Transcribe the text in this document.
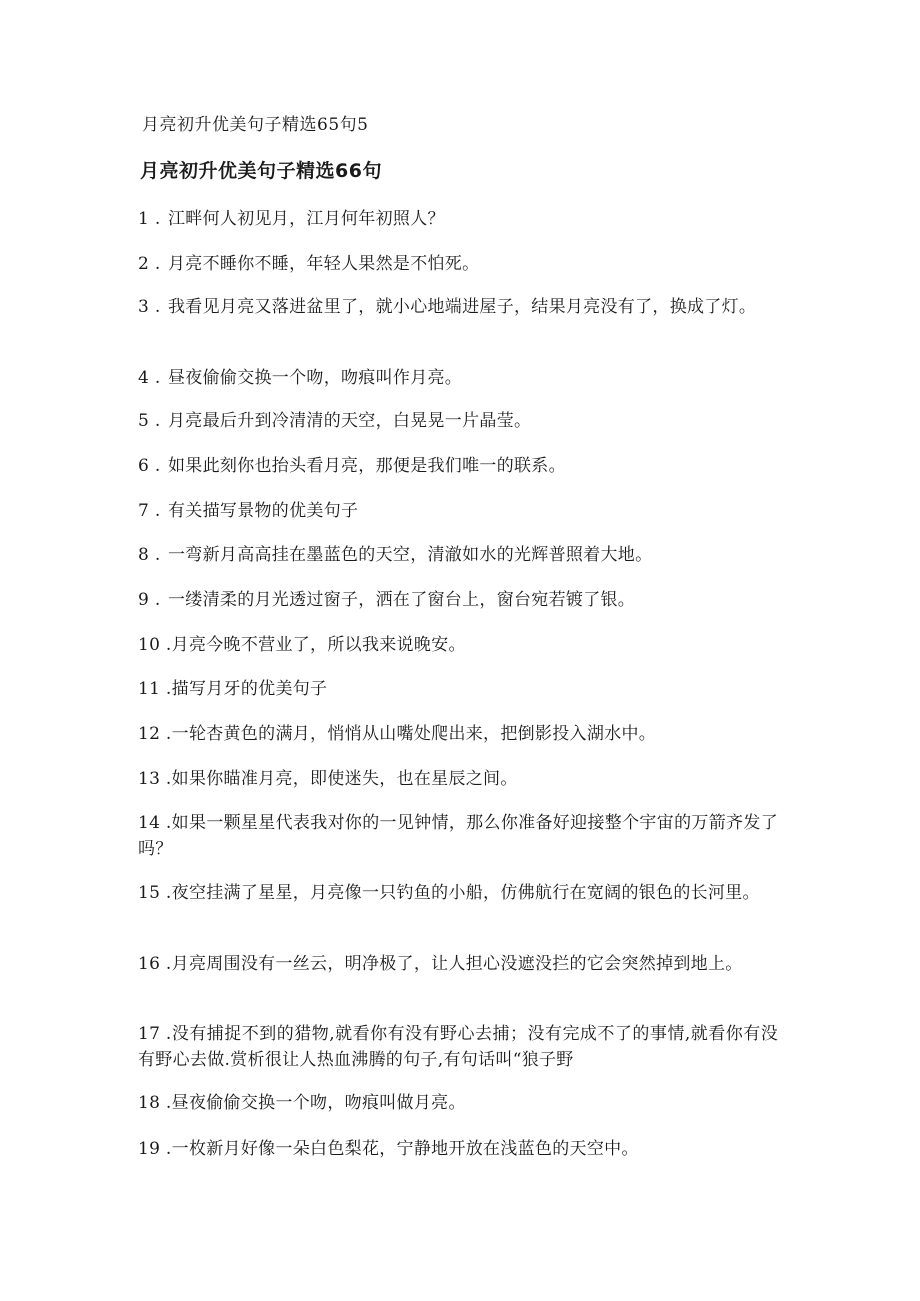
月亮初升优美句子精选65句5
月亮初升优美句子精选66句
1 . 江畔何人初见月，江月何年初照人？
2 . 月亮不睡你不睡，年轻人果然是不怕死。
3 . 我看见月亮又落进盆里了，就小心地端进屋子，结果月亮没有了，换成了灯。
4 . 昼夜偷偷交换一个吻，吻痕叫作月亮。
5 . 月亮最后升到冷清清的天空，白晃晃一片晶莹。
6 . 如果此刻你也抬头看月亮，那便是我们唯一的联系。
7 . 有关描写景物的优美句子
8 . 一弯新月高高挂在墨蓝色的天空，清澈如水的光辉普照着大地。
9 . 一缕清柔的月光透过窗子，洒在了窗台上，窗台宛若镀了银。
10 .月亮今晚不营业了，所以我来说晚安。
11 .描写月牙的优美句子
12 .一轮杏黄色的满月，悄悄从山嘴处爬出来，把倒影投入湖水中。
13 .如果你瞄准月亮，即使迷失，也在星辰之间。
14 .如果一颗星星代表我对你的一见钟情，那么你准备好迎接整个宇宙的万箭齐发了吗？
15 .夜空挂满了星星，月亮像一只钓鱼的小船，仿佛航行在宽阔的银色的长河里。
16 .月亮周围没有一丝云，明净极了，让人担心没遮没拦的它会突然掉到地上。
17 .没有捕捉不到的猎物,就看你有没有野心去捕；没有完成不了的事情,就看你有没有野心去做.赏析很让人热血沸腾的句子,有句话叫“狼子野
18 .昼夜偷偷交换一个吻，吻痕叫做月亮。
19 .一枚新月好像一朵白色梨花，宁静地开放在浅蓝色的天空中。
